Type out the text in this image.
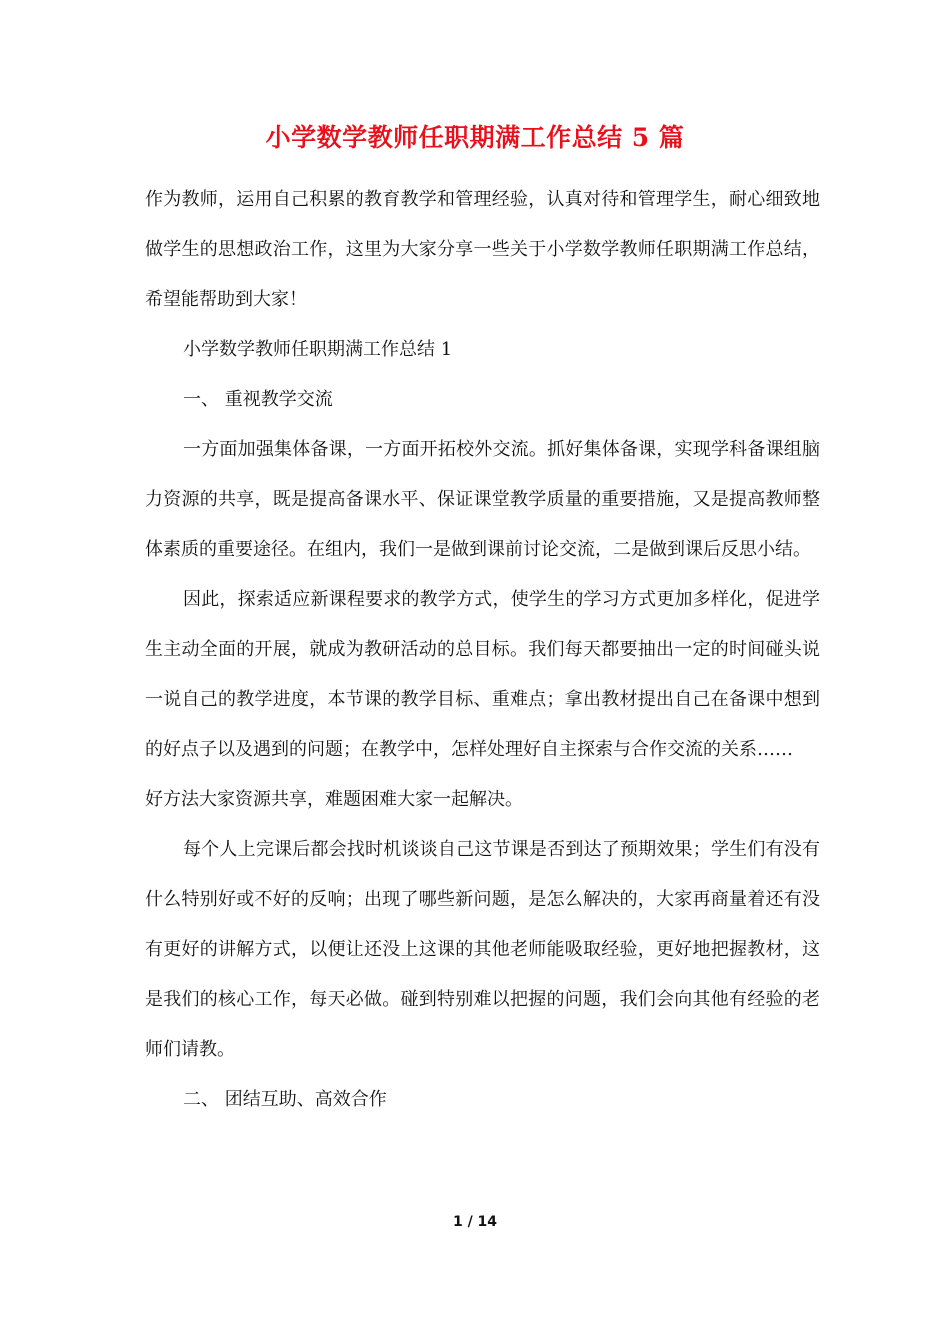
小学数学教师任职期满工作总结 5 篇

作为教师，运用自己积累的教育教学和管理经验，认真对待和管理学生，耐心细致地做学生的思想政治工作，这里为大家分享一些关于小学数学教师任职期满工作总结，希望能帮助到大家！

小学数学教师任职期满工作总结 1

一、 重视教学交流

一方面加强集体备课，一方面开拓校外交流。抓好集体备课，实现学科备课组脑力资源的共享，既是提高备课水平、保证课堂教学质量的重要措施，又是提高教师整体素质的重要途径。在组内，我们一是做到课前讨论交流，二是做到课后反思小结。

因此，探索适应新课程要求的教学方式，使学生的学习方式更加多样化，促进学生主动全面的开展，就成为教研活动的总目标。我们每天都要抽出一定的时间碰头说一说自己的教学进度，本节课的教学目标、重难点；拿出教材提出自己在备课中想到的好点子以及遇到的问题；在教学中，怎样处理好自主探索与合作交流的关系……

好方法大家资源共享，难题困难大家一起解决。

每个人上完课后都会找时机谈谈自己这节课是否到达了预期效果；学生们有没有什么特别好或不好的反响；出现了哪些新问题，是怎么解决的，大家再商量着还有没有更好的讲解方式，以便让还没上这课的其他老师能吸取经验，更好地把握教材，这是我们的核心工作，每天必做。碰到特别难以把握的问题，我们会向其他有经验的老师们请教。

二、 团结互助、高效合作

1 / 14
